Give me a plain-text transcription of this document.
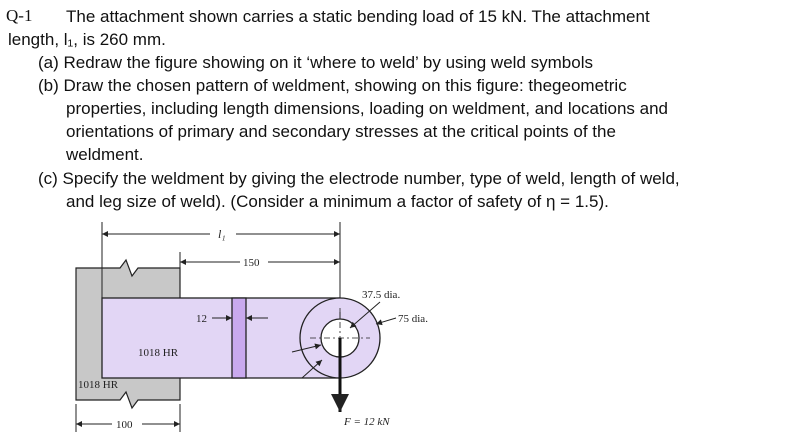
Q-1 The attachment shown carries a static bending load of 15 kN. The attachment
length, l₁, is 260 mm.
(a) Redraw the figure showing on it ‘where to weld’ by using weld symbols
(b) Draw the chosen pattern of weldment, showing on this figure: thegeometric
properties, including length dimensions, loading on weldment, and locations and
orientations of primary and secondary stresses at the critical points of the
weldment.
(c) Specify the weldment by giving the electrode number, type of weld, length of weld,
and leg size of weld). (Consider a minimum a factor of safety of η = 1.5).
l₁
150
12
1018 HR
1018 HR
100
37.5 dia.
75 dia.
F = 12 kN
